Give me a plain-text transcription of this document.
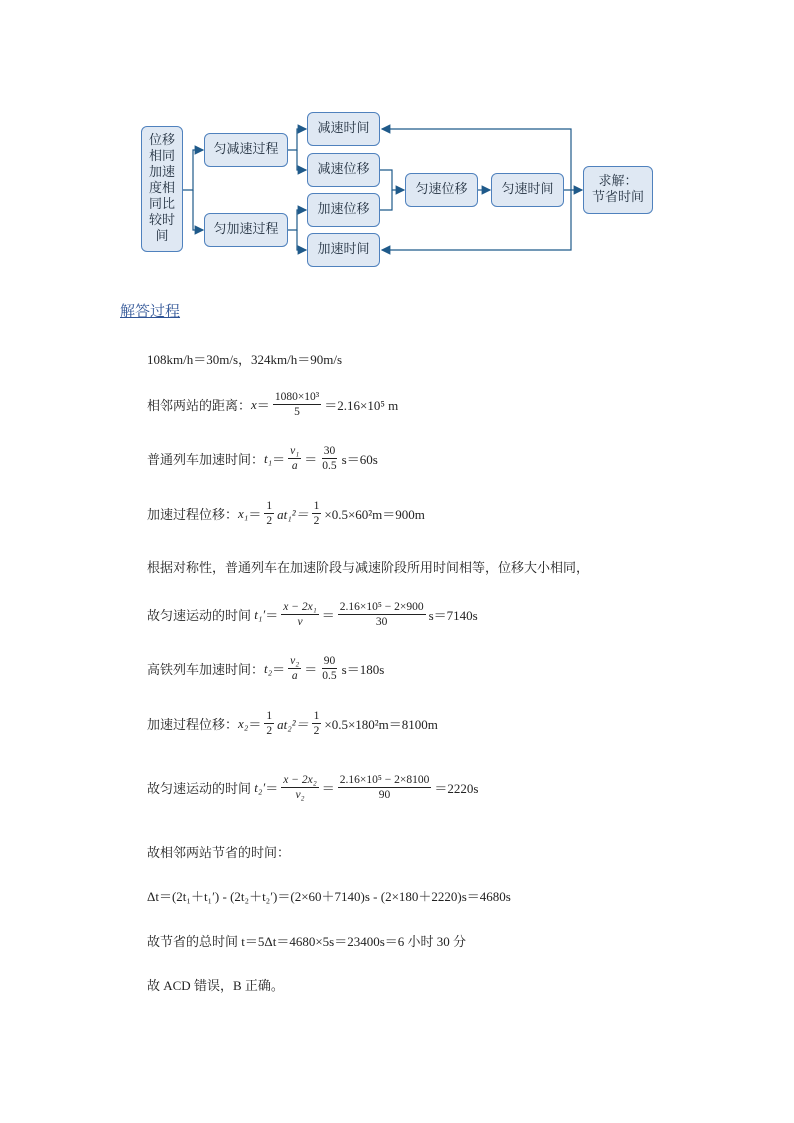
位移
相同
加速
度相
同比
较时
间
匀减速过程
匀加速过程
减速时间
减速位移
加速位移
加速时间
匀速位移	匀速时间
求解：
节省时间
解答过程
108km/h＝30m/s，324km/h＝90m/s
相邻两站的距离： $x = \frac{\text{1080×10³}}{5} =2.16\times 10^5$ m
普通列车加速时间： $t_1 = \frac{\text{v₁}}{a} = \frac{30}{0.5} s=60s$
加速过程位移： $x_1 = \frac{1}{2} at_1^2= \frac{1}{2} \times 0.5\times 60^2m=900m$
根据对称性，普通列车在加速阶段与减速阶段所用时间相等，位移大小相同，
故匀速运动的时间 $t_1' = \frac{\text{x − 2x₁}}{v} = \frac{\text{2.16×10⁵ − 2×900}}{30} s=7140s$
高铁列车加速时间： $t_2 = \frac{\text{v₂}}{a} = \frac{90}{0.5} s=180s$
加速过程位移： $x_2 = \frac{1}{2} at_2^2= \frac{1}{2} \times 0.5\times 180^2m=8100m$
故匀速运动的时间 $t_2' = \frac{\text{x − 2x₂}}{\text{v₂}} = \frac{\text{2.16×10⁵ − 2×8100}}{90} =2220s$
故相邻两站节省的时间：
Δt＝(2t₁＋t₁′) - (2t₂＋t₂′)＝(2×60＋7140)s - (2×180＋2220)s＝4680s
故节省的总时间 t＝5Δt＝4680×5s＝23400s＝6 小时 30 分
故 ACD 错误，B 正确。
